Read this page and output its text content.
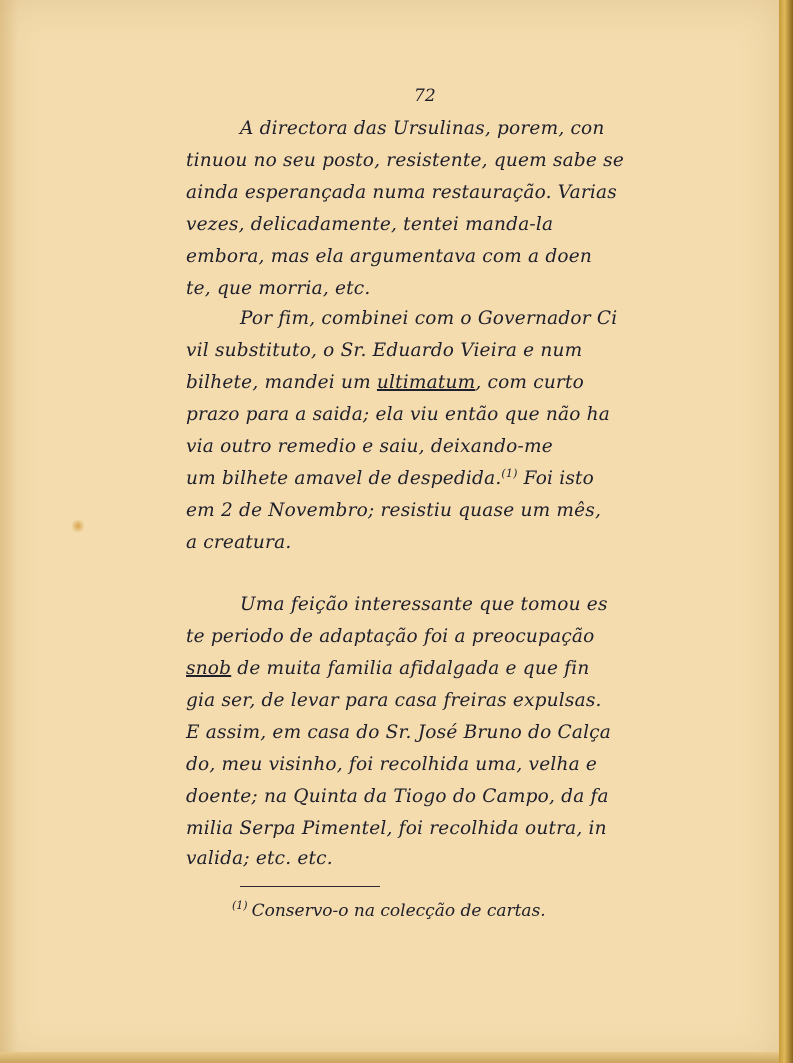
72
A directora das Ursulinas, porem, con
tinuou no seu posto, resistente, quem sabe se
ainda esperançada numa restauração. Varias
vezes, delicadamente, tentei manda-la
embora, mas ela argumentava com a doen
te, que morria, etc.
Por fim, combinei com o Governador Ci
vil substituto, o Sr. Eduardo Vieira e num
bilhete, mandei um ultimatum, com curto
prazo para a saida; ela viu então que não ha
via outro remedio e saiu, deixando-me
um bilhete amavel de despedida.$^{(1)}$ Foi isto
em 2 de Novembro; resistiu quase um mês,
a creatura.
Uma feição interessante que tomou es
te periodo de adaptação foi a preocupação
snob de muita familia afidalgada e que fin
gia ser, de levar para casa freiras expulsas.
E assim, em casa do Sr. José Bruno do Calça
do, meu visinho, foi recolhida uma, velha e
doente; na Quinta da Tiogo do Campo, da fa
milia Serpa Pimentel, foi recolhida outra, in
valida; etc. etc.
$^{(1)}$ Conservo-o na colecção de cartas.
